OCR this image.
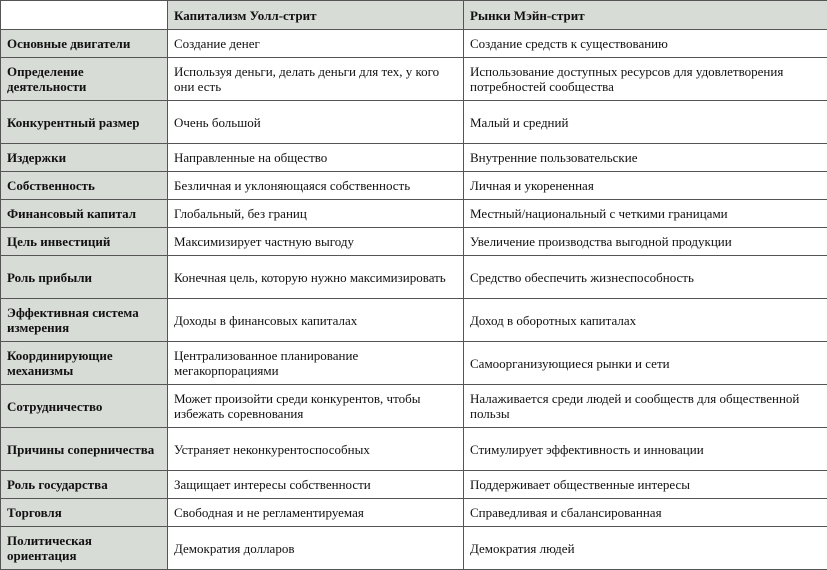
	Капитализм Уолл-стрит	Рынки Мэйн-стрит
Основные двигатели	Создание денег	Создание средств к существованию
Определение деятельности	Используя деньги, делать деньги для тех, у кого они есть	Использование доступных ресурсов для удовлетворения потребностей сообщества
Конкурентный размер	Очень большой	Малый и средний
Издержки	Направленные на общество	Внутренние пользовательские
Собственность	Безличная и уклоняющаяся собственность	Личная и укорененная
Финансовый капитал	Глобальный, без границ	Местный/национальный с четкими границами
Цель инвестиций	Максимизирует частную выгоду	Увеличение производства выгодной продукции
Роль прибыли	Конечная цель, которую нужно максимизировать	Средство обеспечить жизнеспособность
Эффективная система измерения	Доходы в финансовых капиталах	Доход в оборотных капиталах
Координирующие механизмы	Централизованное планирование мегакорпорациями	Самоорганизующиеся рынки и сети
Сотрудничество	Может произойти среди конкурентов, чтобы избежать соревнования	Налаживается среди людей и сообществ для общественной пользы
Причины соперничества	Устраняет неконкурентоспособных	Стимулирует эффективность и инновации
Роль государства	Защищает интересы собственности	Поддерживает общественные интересы
Торговля	Свободная и не регламентируемая	Справедливая и сбалансированная
Политическая ориентация	Демократия долларов	Демократия людей
